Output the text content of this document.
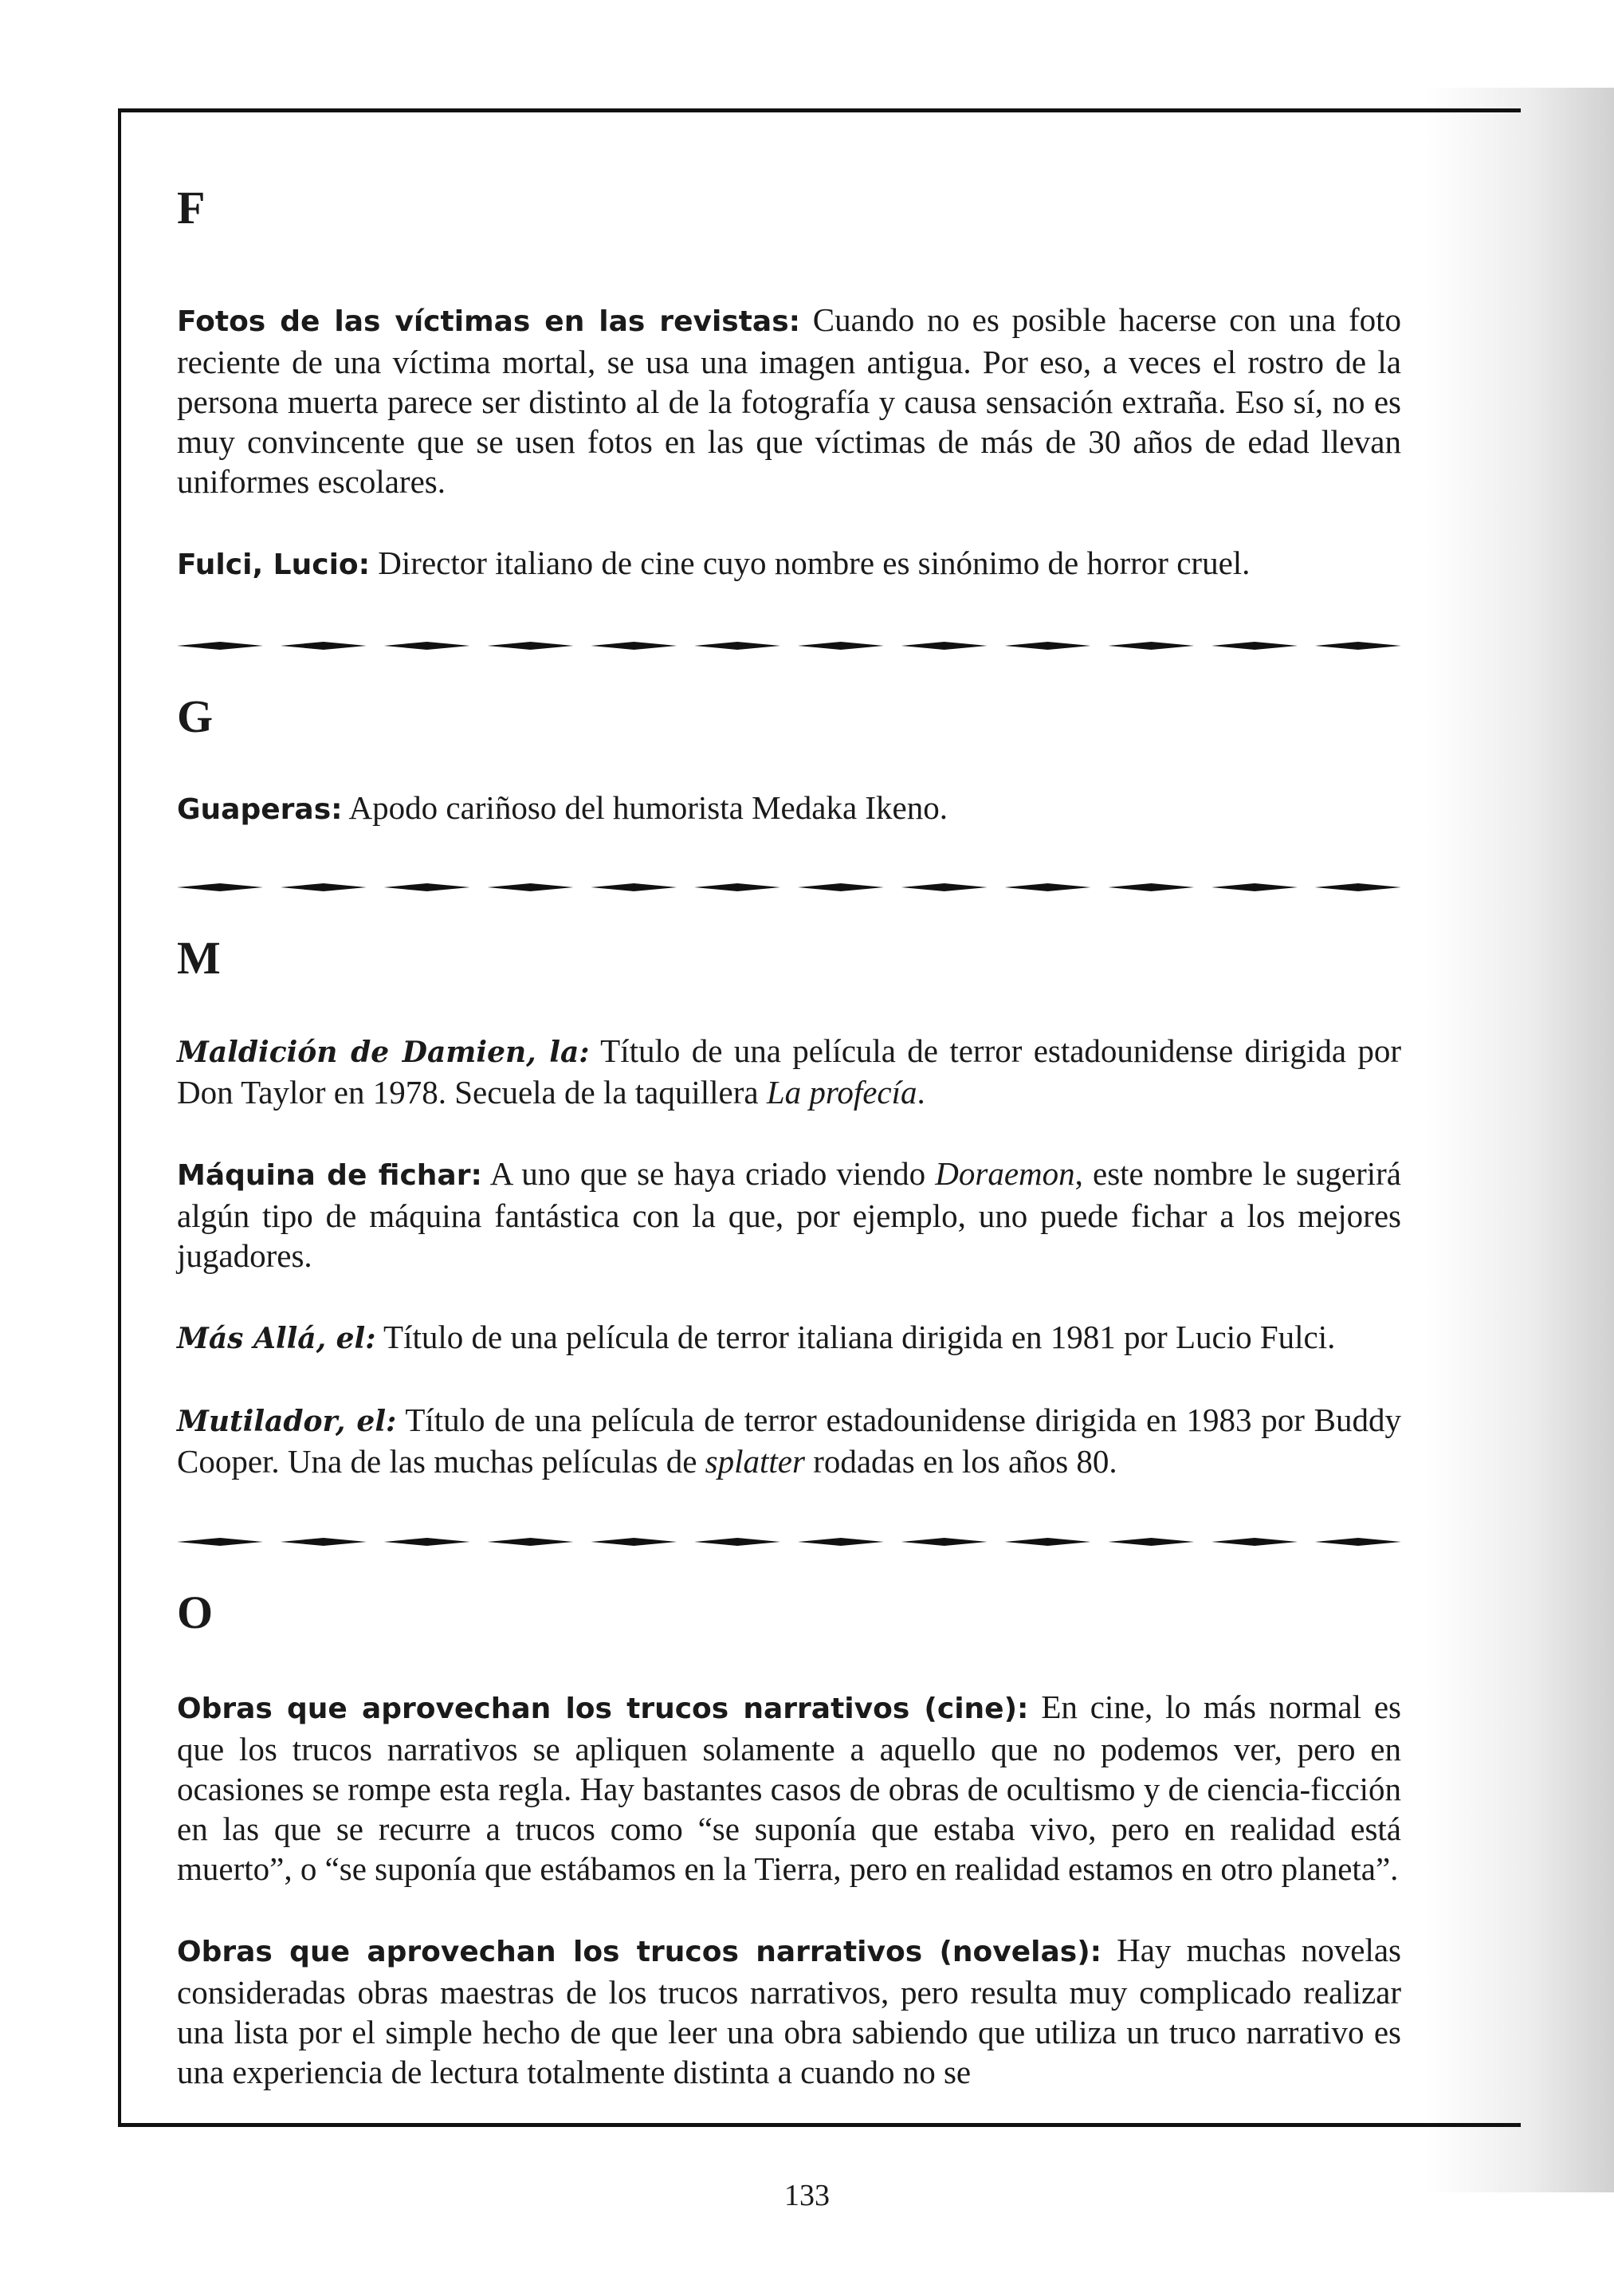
F

Fotos de las víctimas en las revistas: Cuando no es posible hacerse con una foto reciente de una víctima mortal, se usa una imagen antigua. Por eso, a veces el rostro de la persona muerta parece ser distinto al de la fotografía y causa sensación extraña. Eso sí, no es muy convincente que se usen fotos en las que víctimas de más de 30 años de edad llevan uniformes escolares.

Fulci, Lucio: Director italiano de cine cuyo nombre es sinónimo de horror cruel.

G

Guaperas: Apodo cariñoso del humorista Medaka Ikeno.

M

Maldición de Damien, la: Título de una película de terror estadounidense dirigida por Don Taylor en 1978. Secuela de la taquillera La profecía.

Máquina de fichar: A uno que se haya criado viendo Doraemon, este nombre le sugerirá algún tipo de máquina fantástica con la que, por ejemplo, uno puede fichar a los mejores jugadores.

Más Allá, el: Título de una película de terror italiana dirigida en 1981 por Lucio Fulci.

Mutilador, el: Título de una película de terror estadounidense dirigida en 1983 por Buddy Cooper. Una de las muchas películas de splatter rodadas en los años 80.

O

Obras que aprovechan los trucos narrativos (cine): En cine, lo más normal es que los trucos narrativos se apliquen solamente a aquello que no podemos ver, pero en ocasiones se rompe esta regla. Hay bastantes casos de obras de ocultismo y de ciencia-ficción en las que se recurre a trucos como “se suponía que estaba vivo, pero en realidad está muerto”, o “se suponía que estábamos en la Tierra, pero en realidad estamos en otro planeta”.

Obras que aprovechan los trucos narrativos (novelas): Hay muchas novelas consideradas obras maestras de los trucos narrativos, pero resulta muy complicado realizar una lista por el simple hecho de que leer una obra sabiendo que utiliza un truco narrativo es una experiencia de lectura totalmente distinta a cuando no se

133
